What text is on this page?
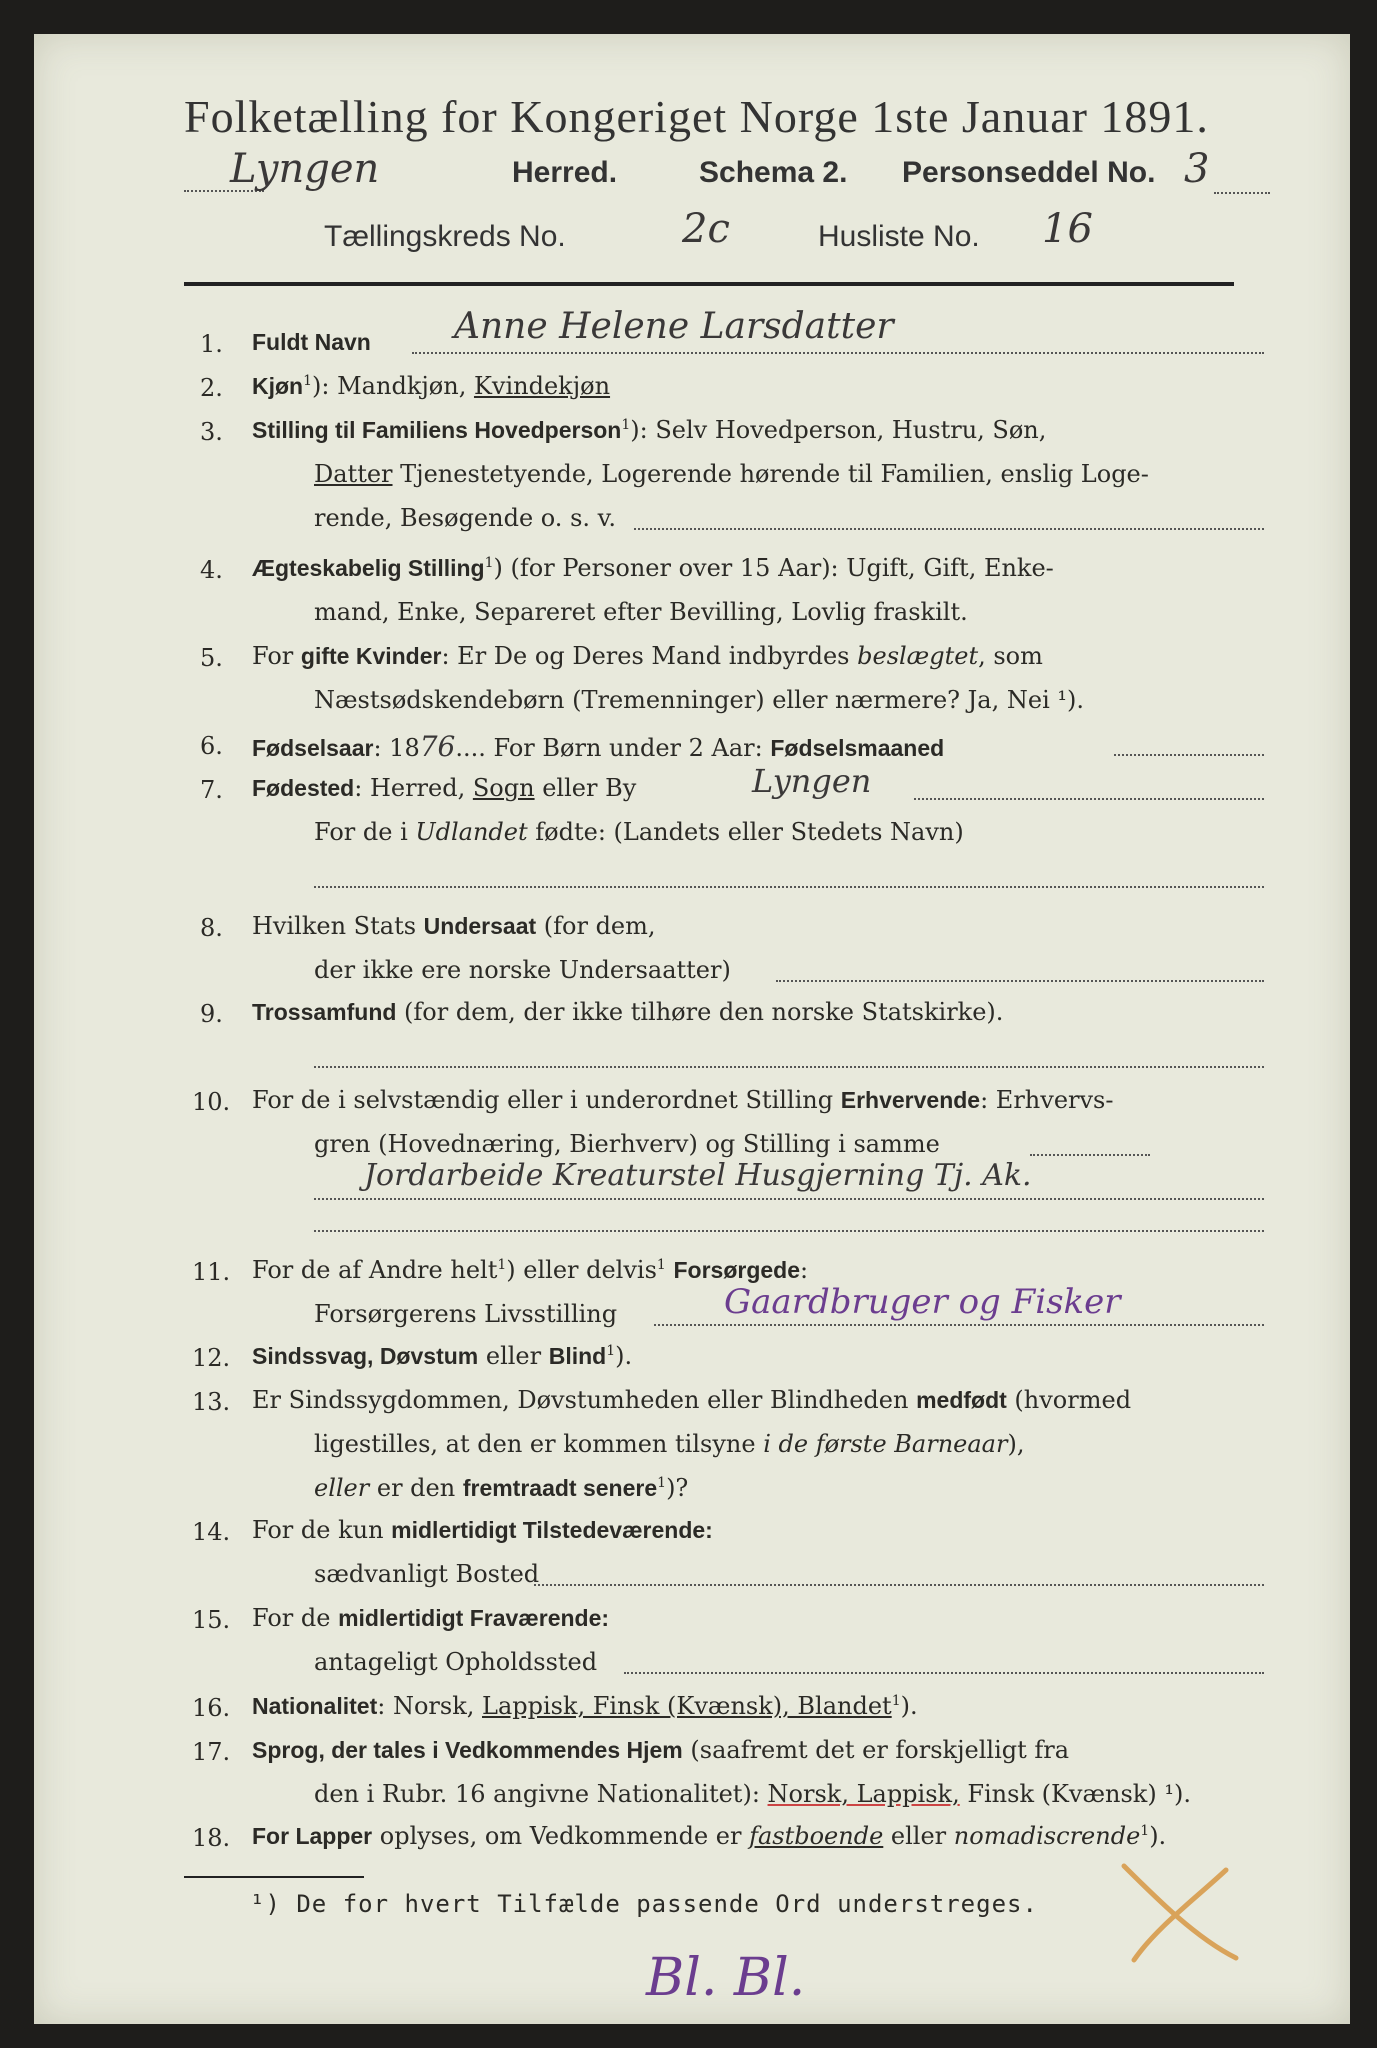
Folketælling for Kongeriget Norge 1ste Januar 1891.
Lyngen	Herred.	Schema 2. Personseddel No. 3
Tællingskreds No.	2c	Husliste No. 16
1. Fuldt Navn Anne Helene Larsdatter
2. Kjøn$^1$): Mandkjøn, Kvindekjøn
3. Stilling til Familiens Hovedperson$^1$): Selv Hovedperson, Hustru, Søn,
Datter Tjenestetyende, Logerende hørende til Familien, enslig Loge-
rende, Besøgende o. s. v.
4. Ægteskabelig Stilling$^1$) (for Personer over 15 Aar): Ugift, Gift, Enke-
mand, Enke, Separeret efter Bevilling, Lovlig fraskilt.
5. For gifte Kvinder: Er De og Deres Mand indbyrdes beslægtet, som
Næstsødskendebørn (Tremenninger) eller nærmere? Ja, Nei ¹).
6. Fødselsaar: 1876.... For Børn under 2 Aar: Fødselsmaaned
7. Fødested: Herred, Sogn eller By	Lyngen
For de i Udlandet fødte: (Landets eller Stedets Navn)
8. Hvilken Stats Undersaat (for dem,
der ikke ere norske Undersaatter)
9. Trossamfund (for dem, der ikke tilhøre den norske Statskirke).
10. For de i selvstændig eller i underordnet Stilling Erhvervende: Erhvervs-
gren (Hovednæring, Bierhverv) og Stilling i samme
Jordarbeide Kreaturstel Husgjerning Tj. Ak.
11. For de af Andre helt$^1$) eller delvis$^1$ Forsørgede:
Forsørgerens Livsstilling	Gaardbruger og Fisker
12. Sindssvag, Døvstum eller Blind$^1$).
13. Er Sindssygdommen, Døvstumheden eller Blindheden medfødt (hvormed
ligestilles, at den er kommen tilsyne i de første Barneaar),
eller er den fremtraadt senere$^1$)?
14. For de kun midlertidigt Tilstedeværende:
sædvanligt Bosted
15. For de midlertidigt Fraværende:
antageligt Opholdssted
16. Nationalitet: Norsk, Lappisk, Finsk (Kvænsk), Blandet$^1$).
17. Sprog, der tales i Vedkommendes Hjem (saafremt det er forskjelligt fra
den i Rubr. 16 angivne Nationalitet): Norsk, Lappisk, Finsk (Kvænsk) ¹).
18. For Lapper oplyses, om Vedkommende er fastboende eller nomadiscrende$^1$).
¹) De for hvert Tilfælde passende Ord understreges.
Bl. Bl.
